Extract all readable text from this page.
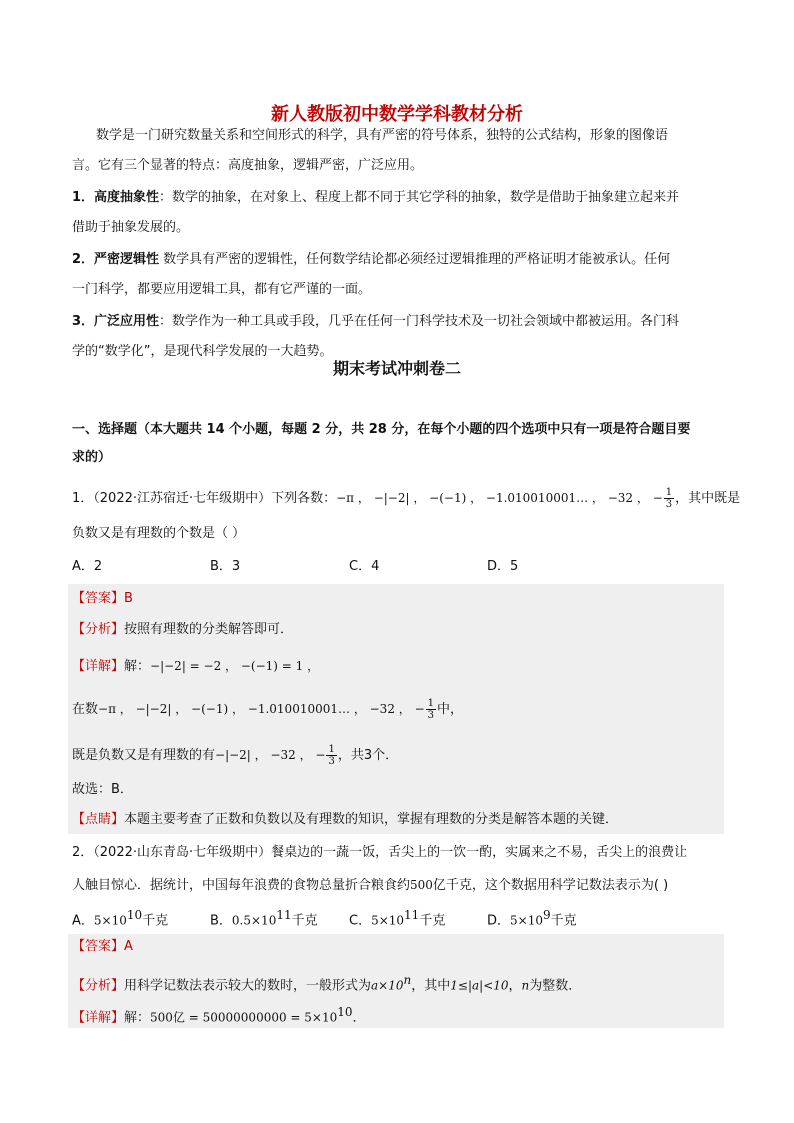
新人教版初中数学学科教材分析
数学是一门研究数量关系和空间形式的科学，具有严密的符号体系，独特的公式结构，形象的图像语
言。它有三个显著的特点：高度抽象，逻辑严密，广泛应用。
1．高度抽象性：数学的抽象，在对象上、程度上都不同于其它学科的抽象，数学是借助于抽象建立起来并
借助于抽象发展的。
2．严密逻辑性 数学具有严密的逻辑性，任何数学结论都必须经过逻辑推理的严格证明才能被承认。任何
一门科学，都要应用逻辑工具，都有它严谨的一面。
3．广泛应用性：数学作为一种工具或手段，几乎在任何一门科学技术及一切社会领域中都被运用。各门科
学的“数学化”，是现代科学发展的一大趋势。
期末考试冲刺卷二
一、选择题（本大题共 14 个小题，每题 2 分，共 28 分，在每个小题的四个选项中只有一项是符合题目要
求的）
1．（2022·江苏宿迁·七年级期中）下列各数：−π ， −|−2| ， −(−1) ， −1.010010001… ， −32 ， − $\frac{1}{3}$ ，其中既是
负数又是有理数的个数是（ ）
A．2	B．3	C．4	D．5
【答案】B
【分析】按照有理数的分类解答即可．
【详解】解：−|−2| = −2 ， −(−1) = 1 ，
在数−π ， −|−2| ， −(−1) ， −1.010010001… ， −32 ， − $\frac{1}{3}$ 中，
既是负数又是有理数的有−|−2| ， −32 ， − $\frac{1}{3}$ ，共3个．
故选：B．
【点睛】本题主要考查了正数和负数以及有理数的知识，掌握有理数的分类是解答本题的关键．
2．（2022·山东青岛·七年级期中）餐桌边的一蔬一饭，舌尖上的一饮一酌，实属来之不易，舌尖上的浪费让
人触目惊心．据统计，中国每年浪费的食物总量折合粮食约500亿千克，这个数据用科学记数法表示为( )
A．$5\times 10^{10}$千克	B．$0.5\times 10^{11}$千克 C．$5\times 10^{11}$千克	D．$5\times 10^9$千克
【答案】A
【分析】用科学记数法表示较大的数时，一般形式为$a\times 10^n$，其中1≤|a|<10，n为整数．
【详解】解：500亿 = $50000000000 = 5\times 10^{10}$．
